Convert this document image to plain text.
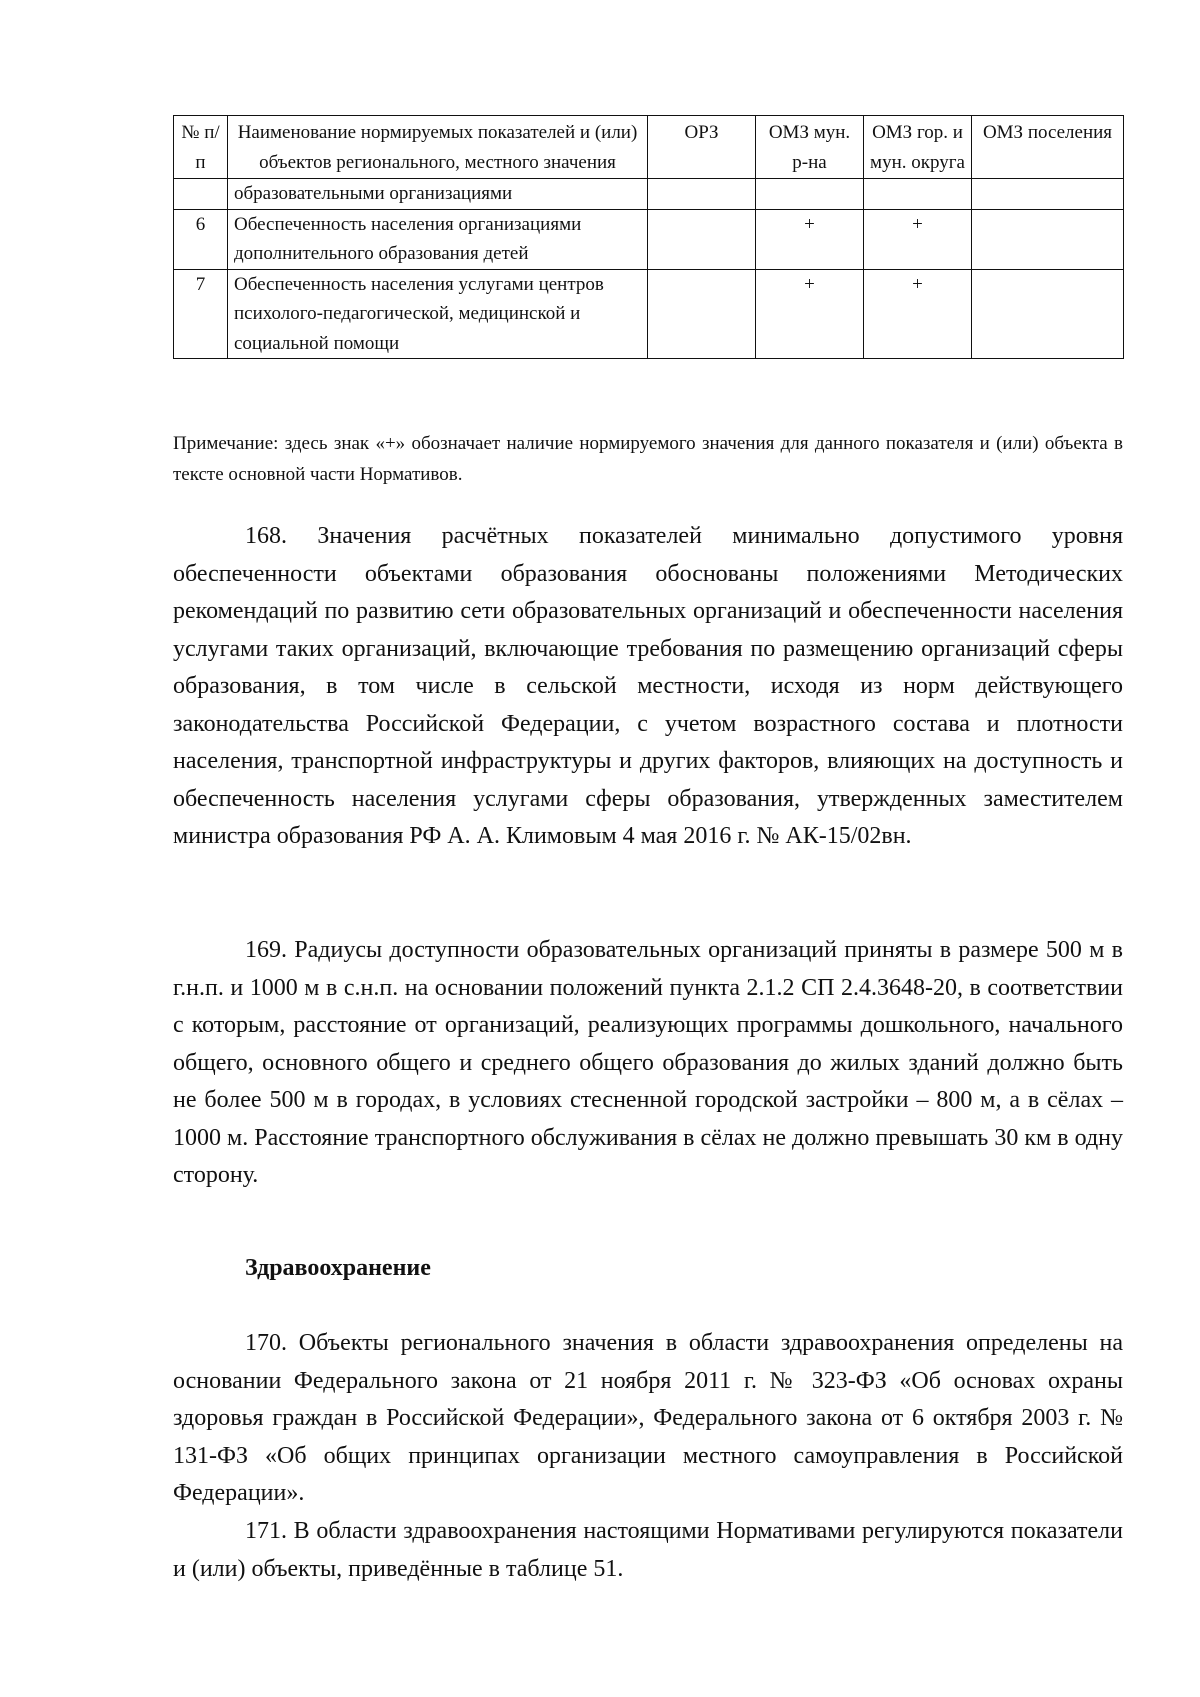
№ п/п	Наименование нормируемых показателей и (или) объектов регионального, местного значения	ОРЗ	ОМЗ мун. р-на	ОМЗ гор. и мун. округа	ОМЗ поселения
	образовательными организациями				
6	Обеспеченность населения организациями дополнительного образования детей		+	+	
7	Обеспеченность населения услугами центров психолого-педагогической, медицинской и социальной помощи		+	+	

Примечание: здесь знак «+» обозначает наличие нормируемого значения для данного показателя и (или) объекта в тексте основной части Нормативов.

168. Значения расчётных показателей минимально допустимого уровня обеспеченности объектами образования обоснованы положениями Методических рекомендаций по развитию сети образовательных организаций и обеспеченности населения услугами таких организаций, включающие требования по размещению организаций сферы образования, в том числе в сельской местности, исходя из норм действующего законодательства Российской Федерации, с учетом возрастного состава и плотности населения, транспортной инфраструктуры и других факторов, влияющих на доступность и обеспеченность населения услугами сферы образования, утвержденных заместителем министра образования РФ А. А. Климовым 4 мая 2016 г. № АК-15/02вн.

169. Радиусы доступности образовательных организаций приняты в размере 500 м в г.н.п. и 1000 м в с.н.п. на основании положений пункта 2.1.2 СП 2.4.3648-20, в соответствии с которым, расстояние от организаций, реализующих программы дошкольного, начального общего, основного общего и среднего общего образования до жилых зданий должно быть не более 500 м в городах, в условиях стесненной городской застройки – 800 м, а в сёлах – 1000 м. Расстояние транспортного обслуживания в сёлах не должно превышать 30 км в одну сторону.

Здравоохранение

170. Объекты регионального значения в области здравоохранения определены на основании Федерального закона от 21 ноября 2011 г. № 323-ФЗ «Об основах охраны здоровья граждан в Российской Федерации», Федерального закона от 6 октября 2003 г. № 131-ФЗ «Об общих принципах организации местного самоуправления в Российской Федерации».

171. В области здравоохранения настоящими Нормативами регулируются показатели и (или) объекты, приведённые в таблице 51.
